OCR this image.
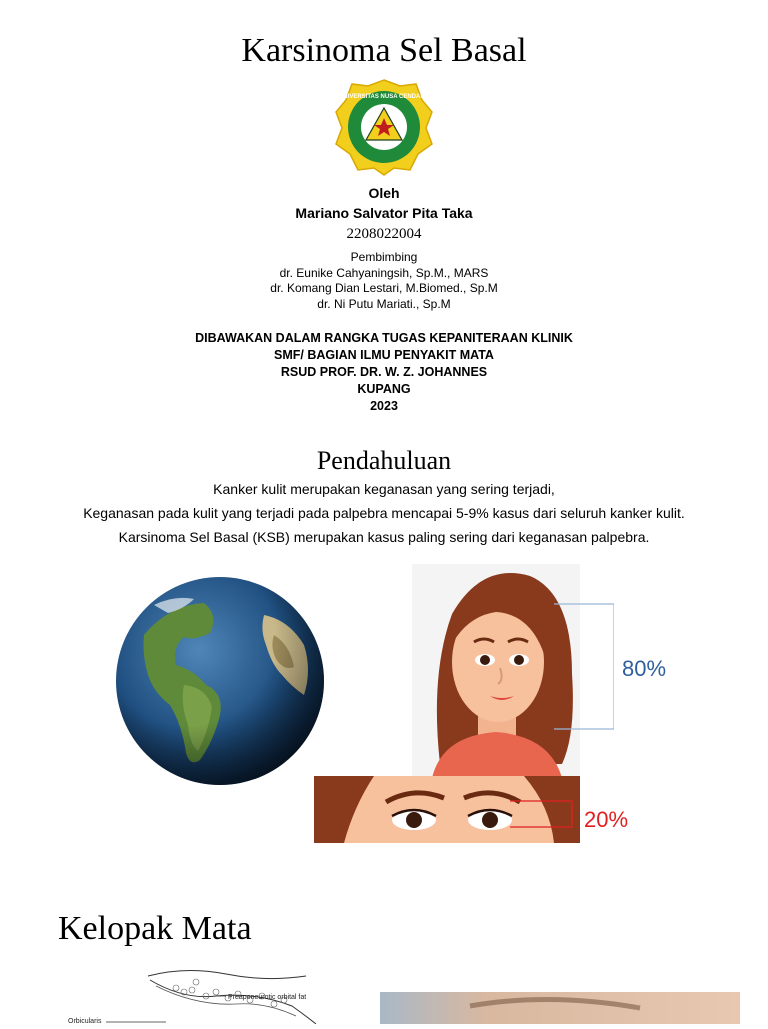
Karsinoma Sel Basal
UNIVERSITAS NUSA CENDANA
Oleh
Mariano Salvator Pita Taka
2208022004
Pembimbing
dr. Eunike Cahyaningsih, Sp.M., MARS
dr. Komang Dian Lestari, M.Biomed., Sp.M
dr. Ni Putu Mariati., Sp.M
DIBAWAKAN DALAM RANGKA TUGAS KEPANITERAAN KLINIK
SMF/ BAGIAN ILMU PENYAKIT MATA
RSUD PROF. DR. W. Z. JOHANNES
KUPANG
2023
Pendahuluan
Kanker kulit merupakan keganasan yang sering terjadi,
Keganasan pada kulit yang terjadi pada palpebra mencapai 5-9% kasus dari seluruh kanker kulit.
Karsinoma Sel Basal (KSB) merupakan kasus paling sering dari keganasan palpebra.
80%
20%
Kelopak Mata
Preaponeurotic orbital fat
Orbicularis
